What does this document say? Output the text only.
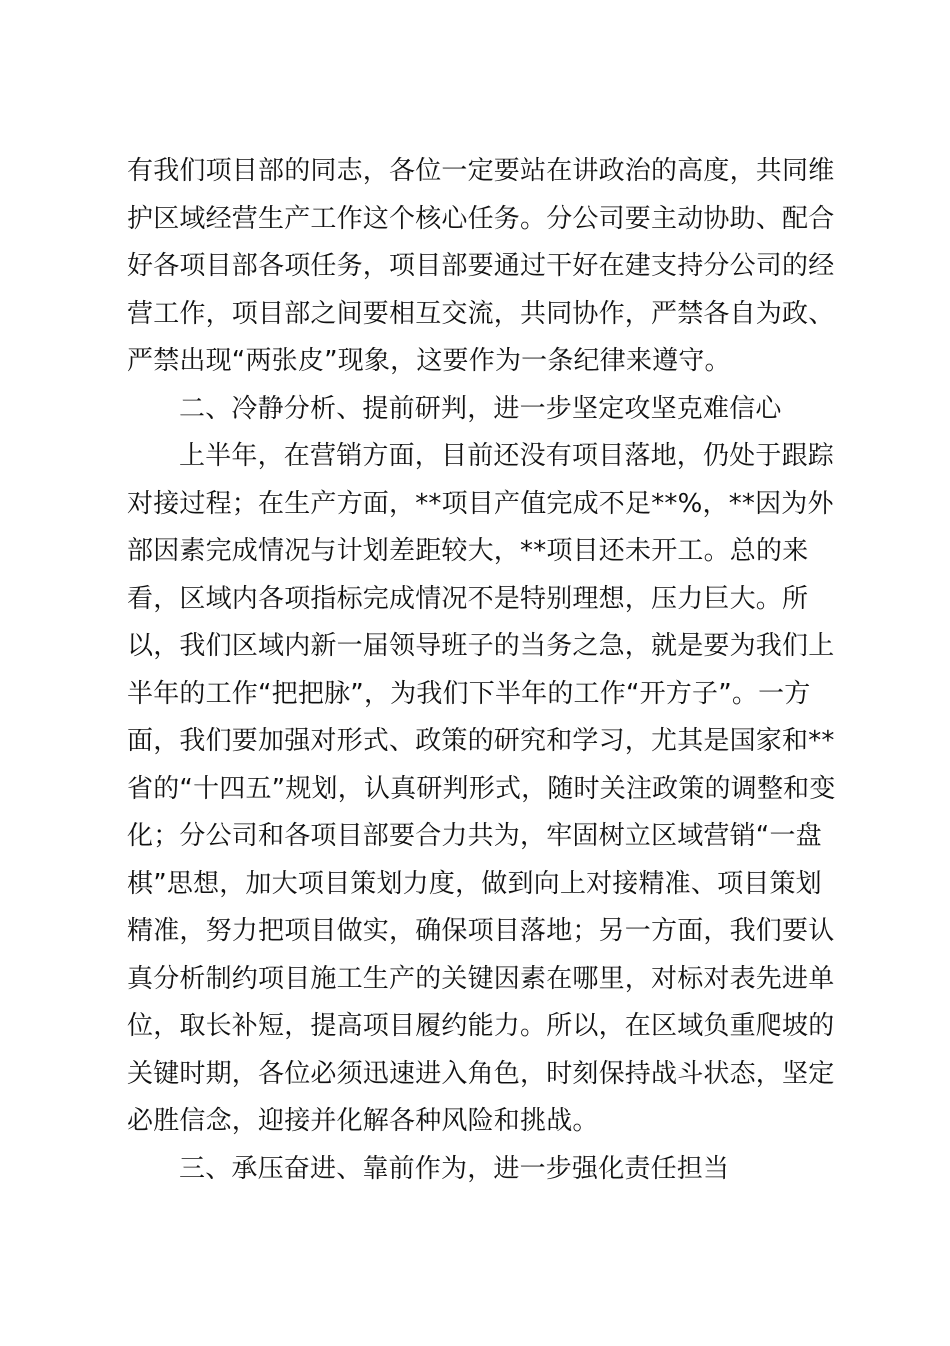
有我们项目部的同志，各位一定要站在讲政治的高度，共同维
护区域经营生产工作这个核心任务。分公司要主动协助、配合
好各项目部各项任务，项目部要通过干好在建支持分公司的经
营工作，项目部之间要相互交流，共同协作，严禁各自为政、
严禁出现“两张皮”现象，这要作为一条纪律来遵守。
二、冷静分析、提前研判，进一步坚定攻坚克难信心
上半年，在营销方面，目前还没有项目落地，仍处于跟踪
对接过程；在生产方面，**项目产值完成不足**%，**因为外
部因素完成情况与计划差距较大，**项目还未开工。总的来
看，区域内各项指标完成情况不是特别理想，压力巨大。所
以，我们区域内新一届领导班子的当务之急，就是要为我们上
半年的工作“把把脉”，为我们下半年的工作“开方子”。一方
面，我们要加强对形式、政策的研究和学习，尤其是国家和**
省的“十四五”规划，认真研判形式，随时关注政策的调整和变
化；分公司和各项目部要合力共为，牢固树立区域营销“一盘
棋”思想，加大项目策划力度，做到向上对接精准、项目策划
精准，努力把项目做实，确保项目落地；另一方面，我们要认
真分析制约项目施工生产的关键因素在哪里，对标对表先进单
位，取长补短，提高项目履约能力。所以，在区域负重爬坡的
关键时期，各位必须迅速进入角色，时刻保持战斗状态，坚定
必胜信念，迎接并化解各种风险和挑战。
三、承压奋进、靠前作为，进一步强化责任担当
